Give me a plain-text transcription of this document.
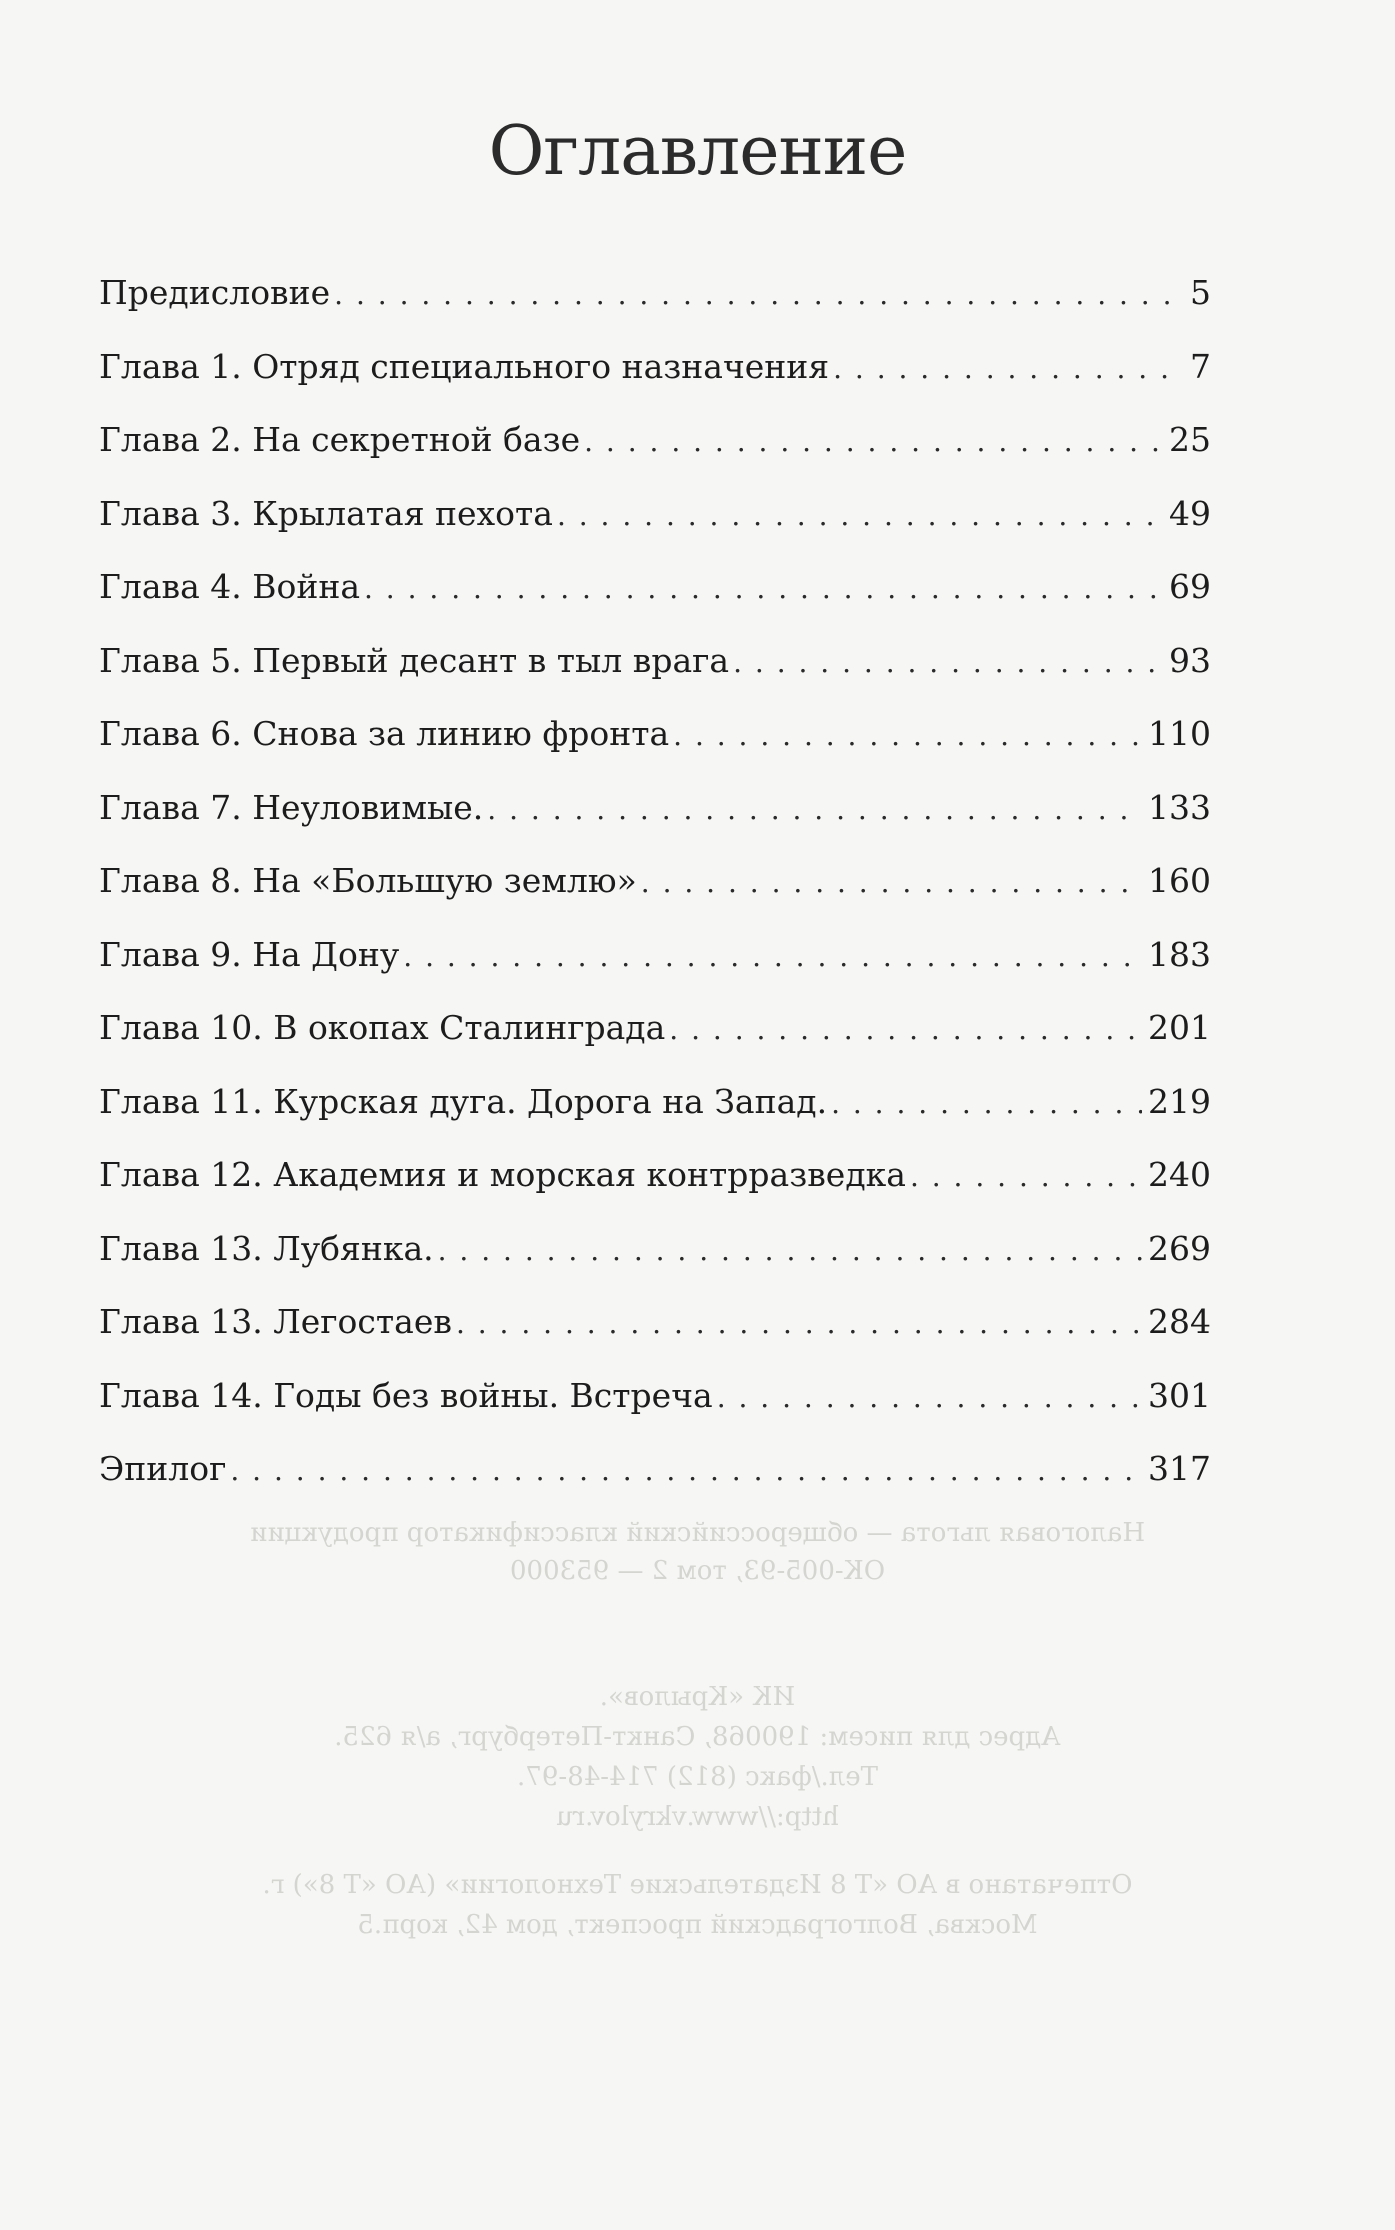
Налоговая льгота — общероссийский классификатор продукции
ОК-005-93, том 2 — 953000
ИК «Крылов».
Адрес для писем: 190068, Санкт-Петербург, а/я 625.
Тел./факс (812) 714-48-97.
http://www.vkrylov.ru
Отпечатано в АО «Т 8 Издательские Технологии» (АО «Т 8») г.
Москва, Волгоградский проспект, дом 42, корп.5
Оглавление
Предисловие . . .	5
Глава 1. Отряд специального назначения . . .	7
Глава 2. На секретной базе . . .	25
Глава 3. Крылатая пехота . . .	49
Глава 4. Война . . .	69
Глава 5. Первый десант в тыл врага . . .	93
Глава 6. Снова за линию фронта . . .	110
Глава 7. Неуловимые. . . .	133
Глава 8. На «Большую землю» . . .	160
Глава 9. На Дону . . .	183
Глава 10. В окопах Сталинграда . . .	201
Глава 11. Курская дуга. Дорога на Запад. . . .	219
Глава 12. Академия и морская контрразведка . . .	240
Глава 13. Лубянка. . . .	269
Глава 13. Легостаев . . .	284
Глава 14. Годы без войны. Встреча . . .	301
Эпилог . . .	317
